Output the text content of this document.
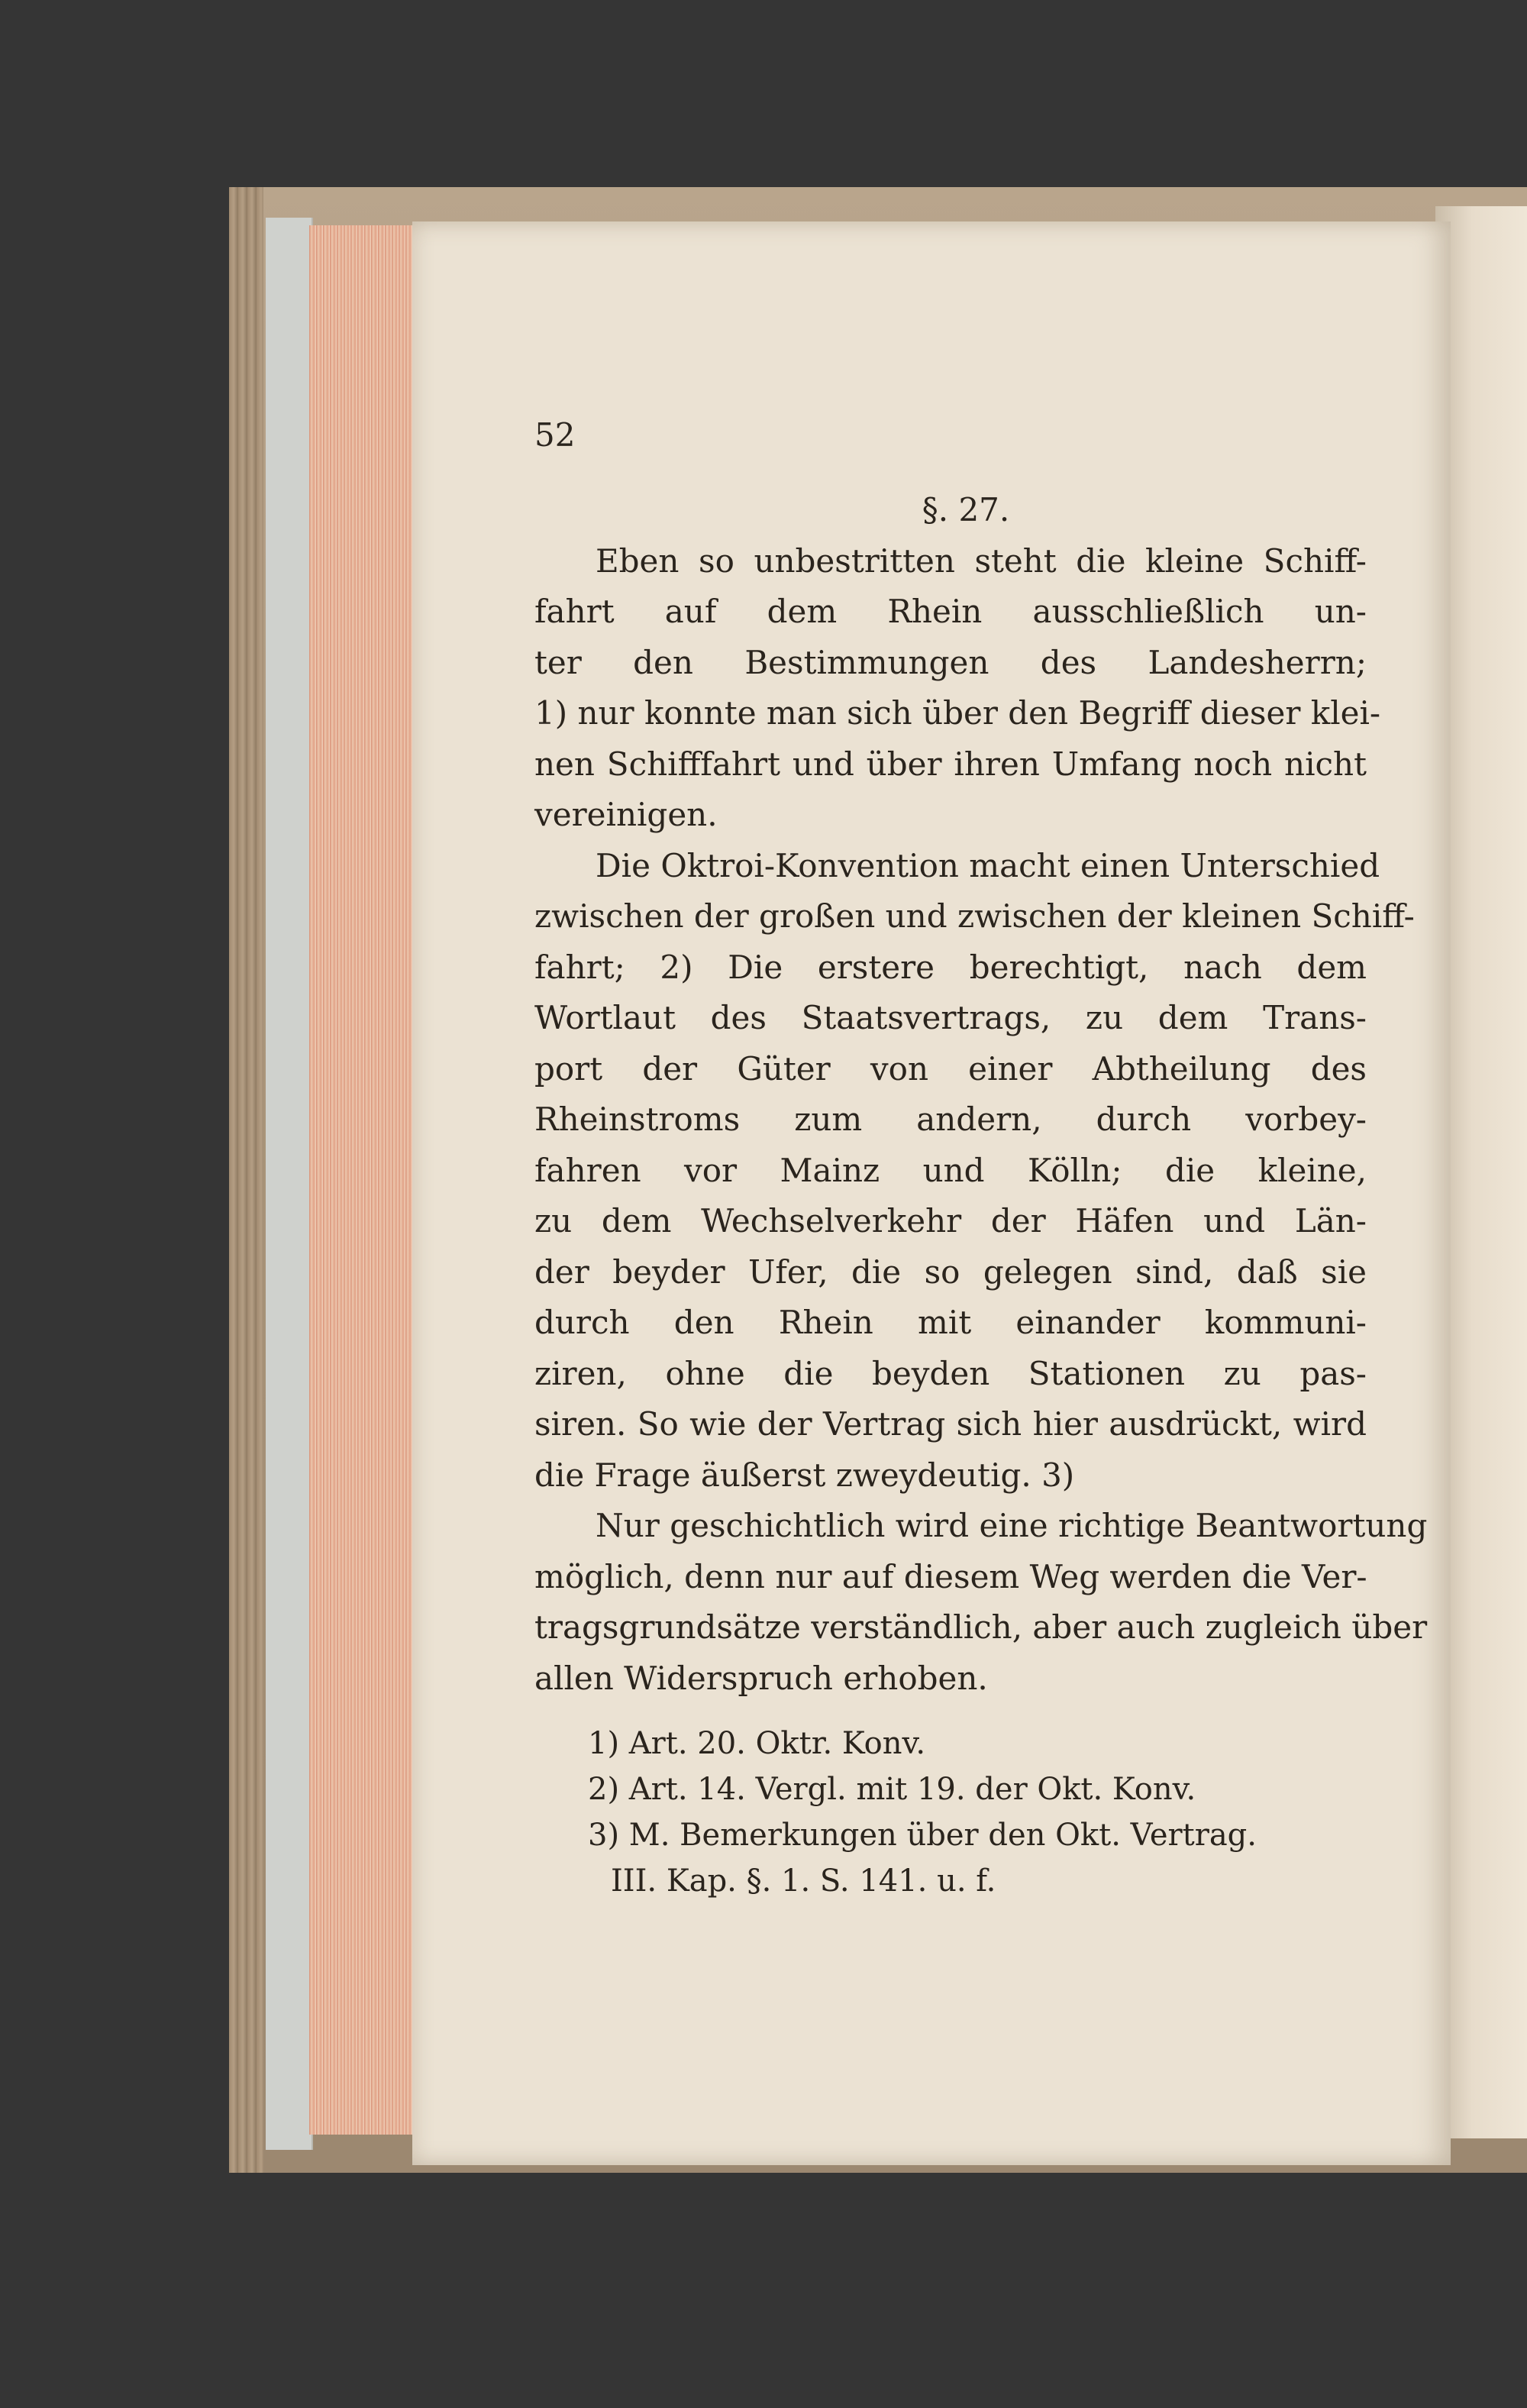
52
§. 27.
Eben so unbestritten steht die kleine Schiff-
fahrt auf dem Rhein ausschließlich un-
ter den Bestimmungen des Landesherrn;
1) nur konnte man sich über den Begriff dieser klei-
nen Schifffahrt und über ihren Umfang noch nicht
vereinigen.
Die Oktroi-Konvention macht einen Unterschied
zwischen der großen und zwischen der kleinen Schiff-
fahrt; 2) Die erstere berechtigt, nach dem
Wortlaut des Staatsvertrags, zu dem Trans-
port der Güter von einer Abtheilung des
Rheinstroms zum andern, durch vorbey-
fahren vor Mainz und Kölln; die kleine,
zu dem Wechselverkehr der Häfen und Län-
der beyder Ufer, die so gelegen sind, daß sie
durch den Rhein mit einander kommuni-
ziren, ohne die beyden Stationen zu pas-
siren. So wie der Vertrag sich hier ausdrückt, wird
die Frage äußerst zweydeutig. 3)
Nur geschichtlich wird eine richtige Beantwortung
möglich, denn nur auf diesem Weg werden die Ver-
tragsgrundsätze verständlich, aber auch zugleich über
allen Widerspruch erhoben.
1) Art. 20. Oktr. Konv.
2) Art. 14. Vergl. mit 19. der Okt. Konv.
3) M. Bemerkungen über den Okt. Vertrag.
III. Kap. §. 1. S. 141. u. f.
